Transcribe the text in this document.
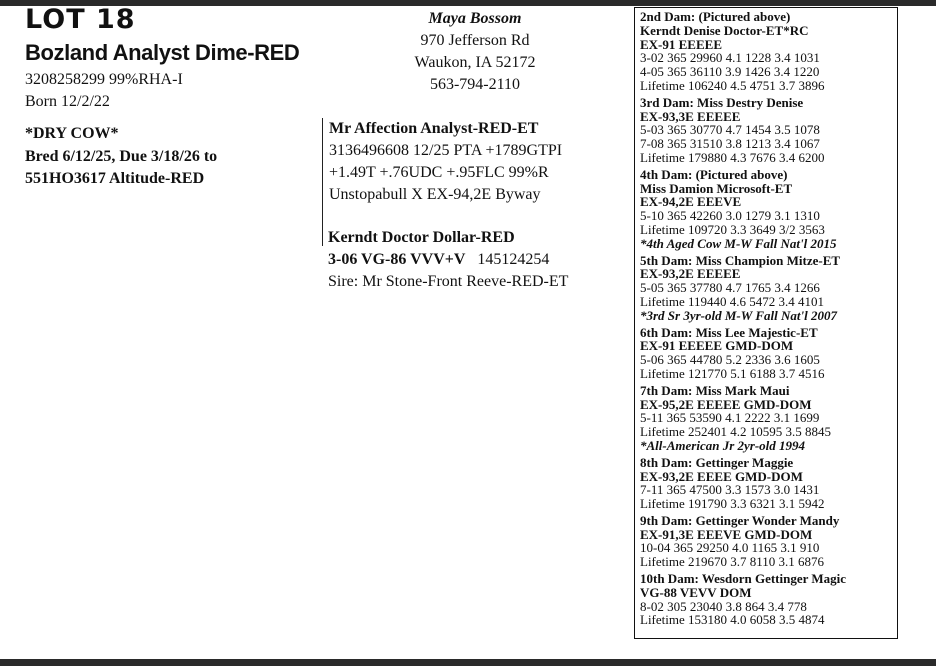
LOT 18
Bozland Analyst Dime-RED
3208258299 99%RHA-I
Born 12/2/22
*DRY COW*
Bred 6/12/25, Due 3/18/26 to
551HO3617 Altitude-RED
Maya Bossom
970 Jefferson Rd
Waukon, IA 52172
563-794-2110
Mr Affection Analyst-RED-ET
3136496608 12/25 PTA +1789GTPI
+1.49T +.76UDC +.95FLC 99%R
Unstopabull X EX-94,2E Byway
Kerndt Doctor Dollar-RED
3-06 VG-86 VVV+V 145124254
Sire: Mr Stone-Front Reeve-RED-ET
2nd Dam: (Pictured above)
Kerndt Denise Doctor-ET*RC
EX-91 EEEEE
3-02 365 29960 4.1 1228 3.4 1031
4-05 365 36110 3.9 1426 3.4 1220
Lifetime 106240 4.5 4751 3.7 3896
3rd Dam: Miss Destry Denise
EX-93,3E EEEEE
5-03 365 30770 4.7 1454 3.5 1078
7-08 365 31510 3.8 1213 3.4 1067
Lifetime 179880 4.3 7676 3.4 6200
4th Dam: (Pictured above)
Miss Damion Microsoft-ET
EX-94,2E EEEVE
5-10 365 42260 3.0 1279 3.1 1310
Lifetime 109720 3.3 3649 3/2 3563
*4th Aged Cow M-W Fall Nat'l 2015
5th Dam: Miss Champion Mitze-ET
EX-93,2E EEEEE
5-05 365 37780 4.7 1765 3.4 1266
Lifetime 119440 4.6 5472 3.4 4101
*3rd Sr 3yr-old M-W Fall Nat'l 2007
6th Dam: Miss Lee Majestic-ET
EX-91 EEEEE GMD-DOM
5-06 365 44780 5.2 2336 3.6 1605
Lifetime 121770 5.1 6188 3.7 4516
7th Dam: Miss Mark Maui
EX-95,2E EEEEE GMD-DOM
5-11 365 53590 4.1 2222 3.1 1699
Lifetime 252401 4.2 10595 3.5 8845
*All-American Jr 2yr-old 1994
8th Dam: Gettinger Maggie
EX-93,2E EEEE GMD-DOM
7-11 365 47500 3.3 1573 3.0 1431
Lifetime 191790 3.3 6321 3.1 5942
9th Dam: Gettinger Wonder Mandy
EX-91,3E EEEVE GMD-DOM
10-04 365 29250 4.0 1165 3.1 910
Lifetime 219670 3.7 8110 3.1 6876
10th Dam: Wesdorn Gettinger Magic
VG-88 VEVV DOM
8-02 305 23040 3.8 864 3.4 778
Lifetime 153180 4.0 6058 3.5 4874
